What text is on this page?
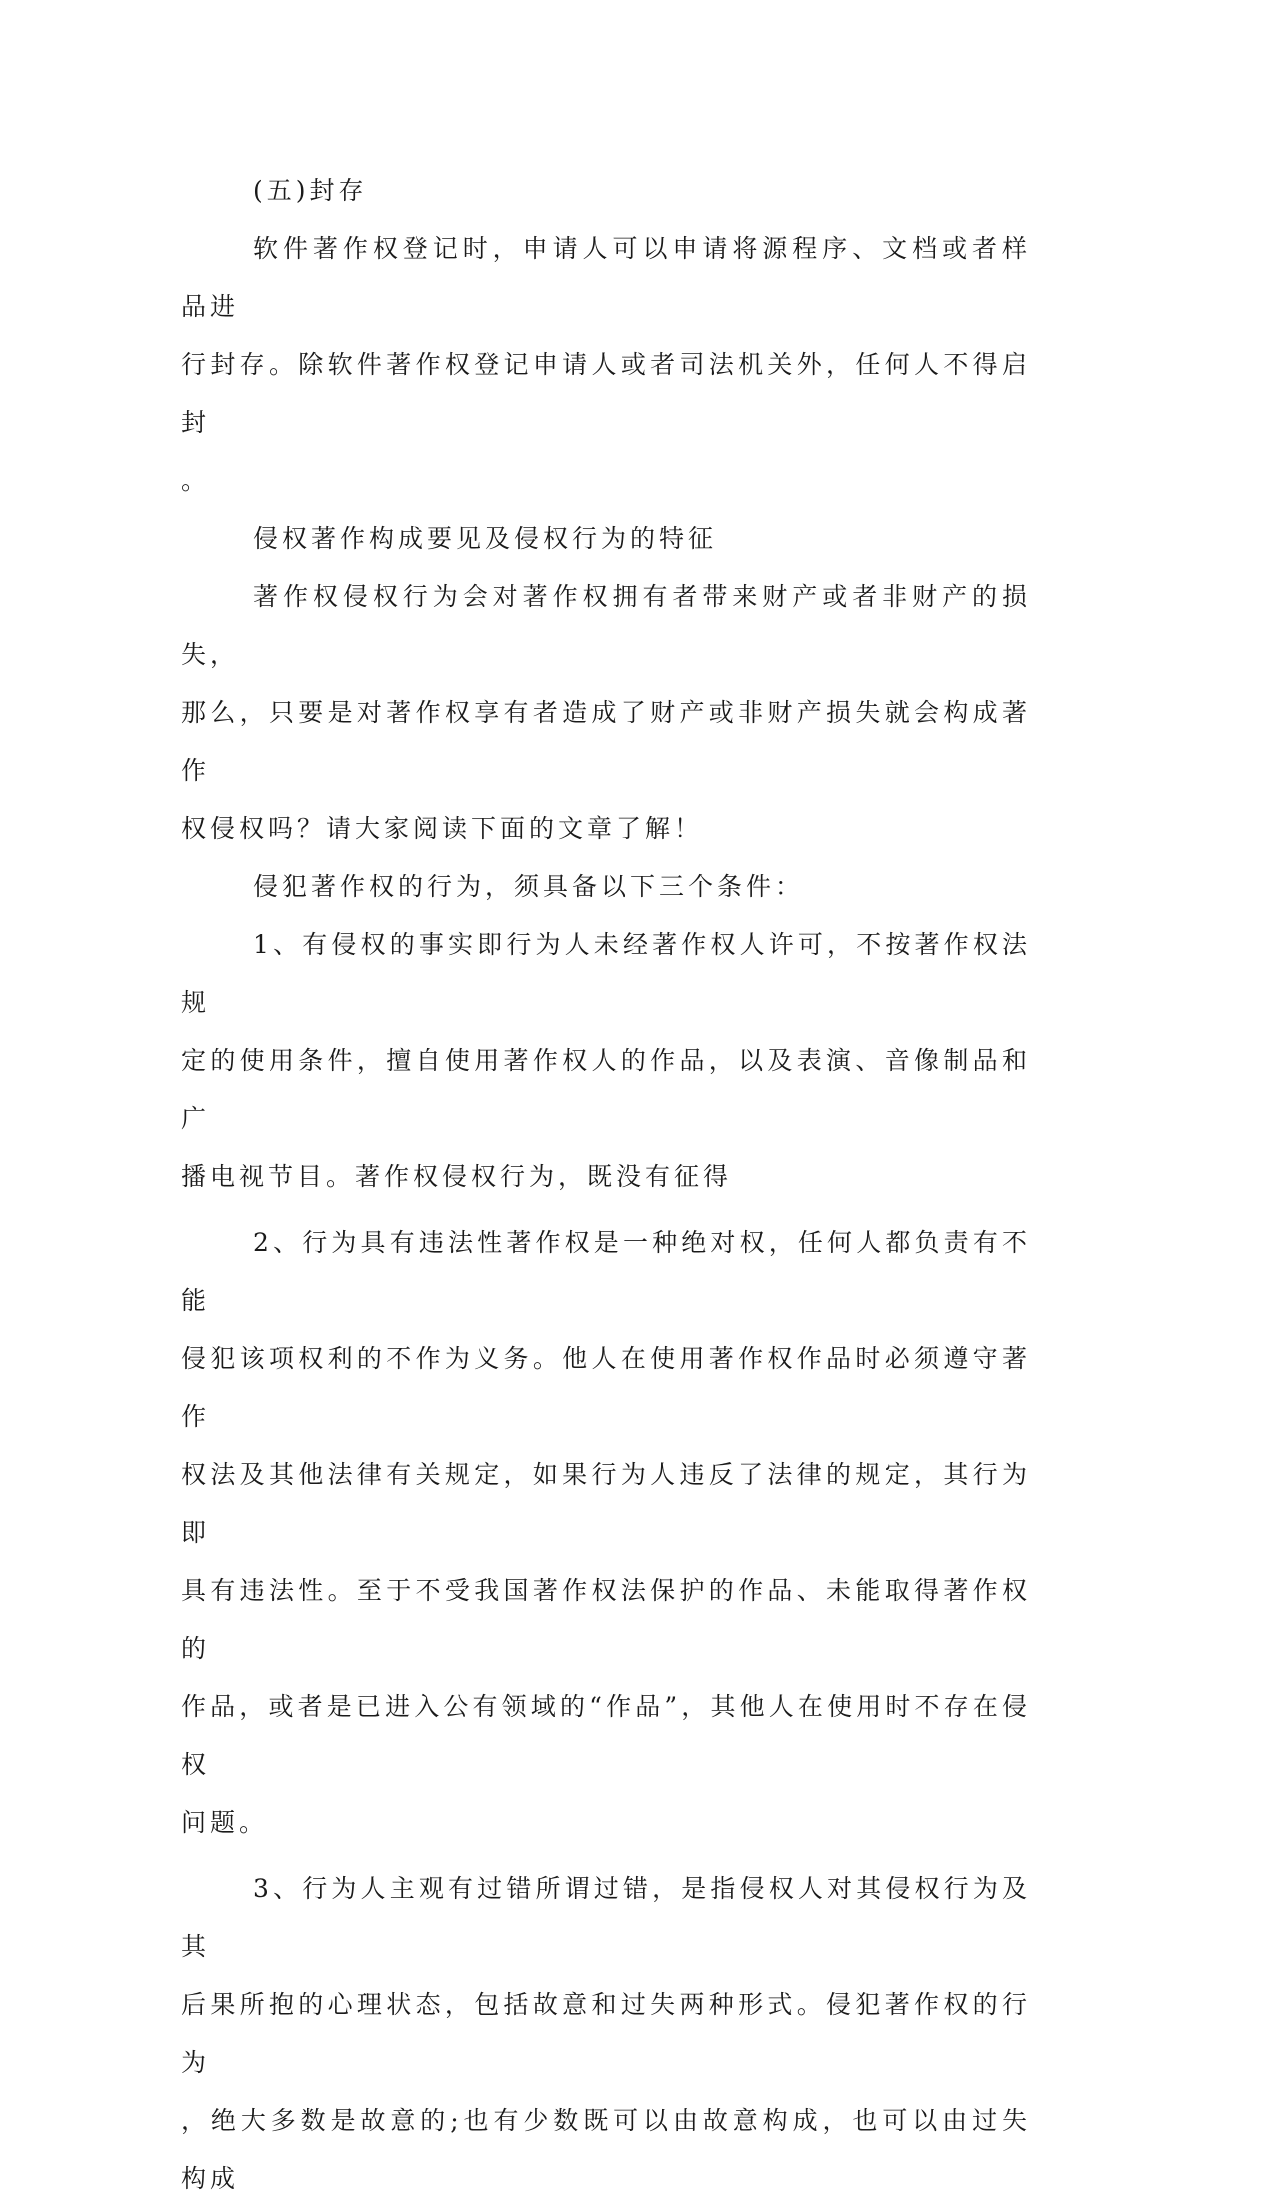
(五)封存

软件著作权登记时，申请人可以申请将源程序、文档或者样品进
行封存。除软件著作权登记申请人或者司法机关外，任何人不得启封
。

侵权著作构成要见及侵权行为的特征

著作权侵权行为会对著作权拥有者带来财产或者非财产的损失，
那么，只要是对著作权享有者造成了财产或非财产损失就会构成著作
权侵权吗？请大家阅读下面的文章了解！

侵犯著作权的行为，须具备以下三个条件：

1、有侵权的事实即行为人未经著作权人许可，不按著作权法规
定的使用条件，擅自使用著作权人的作品，以及表演、音像制品和广
播电视节目。著作权侵权行为，既没有征得

2、行为具有违法性著作权是一种绝对权，任何人都负责有不能
侵犯该项权利的不作为义务。他人在使用著作权作品时必须遵守著作
权法及其他法律有关规定，如果行为人违反了法律的规定，其行为即
具有违法性。至于不受我国著作权法保护的作品、未能取得著作权的
作品，或者是已进入公有领域的“作品”，其他人在使用时不存在侵权
问题。

3、行为人主观有过错所谓过错，是指侵权人对其侵权行为及其
后果所抱的心理状态，包括故意和过失两种形式。侵犯著作权的行为
，绝大多数是故意的;也有少数既可以由故意构成，也可以由过失构成
